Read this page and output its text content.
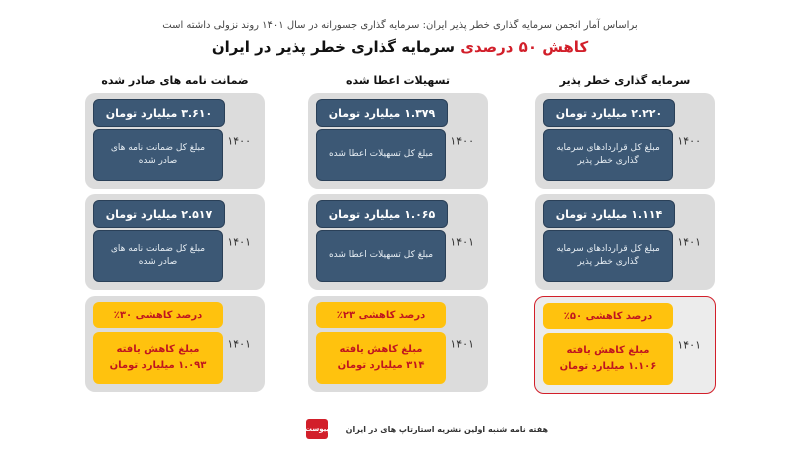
براساس آمار انجمن سرمایه گذاری خطر پذیر ایران: سرمایه گذاری جسورانه در سال ۱۴۰۱ روند نزولی داشته است
کاهش ۵۰ درصدی سرمایه گذاری خطر پذیر در ایران
سرمایه گذاری خطر پذیر
۲.۲۲۰ میلیارد تومان
مبلغ کل قراردادهای سرمایه گذاری خطر پذیر
۱۴۰۰
۱.۱۱۴ میلیارد تومان
مبلغ کل قراردادهای سرمایه گذاری خطر پذیر
۱۴۰۱
درصد کاهشی ۵۰٪
مبلغ کاهش یافته
۱.۱۰۶ میلیارد تومان
۱۴۰۱
تسهیلات اعطا شده
۱.۳۷۹ میلیارد تومان
مبلغ کل تسهیلات اعطا شده
۱۴۰۰
۱.۰۶۵ میلیارد تومان
مبلغ کل تسهیلات اعطا شده
۱۴۰۱
درصد کاهشی ۲۳٪
مبلغ کاهش یافته
۳۱۴ میلیارد تومان
۱۴۰۱
ضمانت نامه های صادر شده
۳.۶۱۰ میلیارد تومان
مبلغ کل ضمانت نامه های صادر شده
۱۴۰۰
۲.۵۱۷ میلیارد تومان
مبلغ کل ضمانت نامه های صادر شده
۱۴۰۱
درصد کاهشی ۳۰٪
مبلغ کاهش یافته
۱.۰۹۳ میلیارد تومان
۱۴۰۱
پیوست	هفته نامه شنبه اولین نشریه استارتاپ های در ایران
